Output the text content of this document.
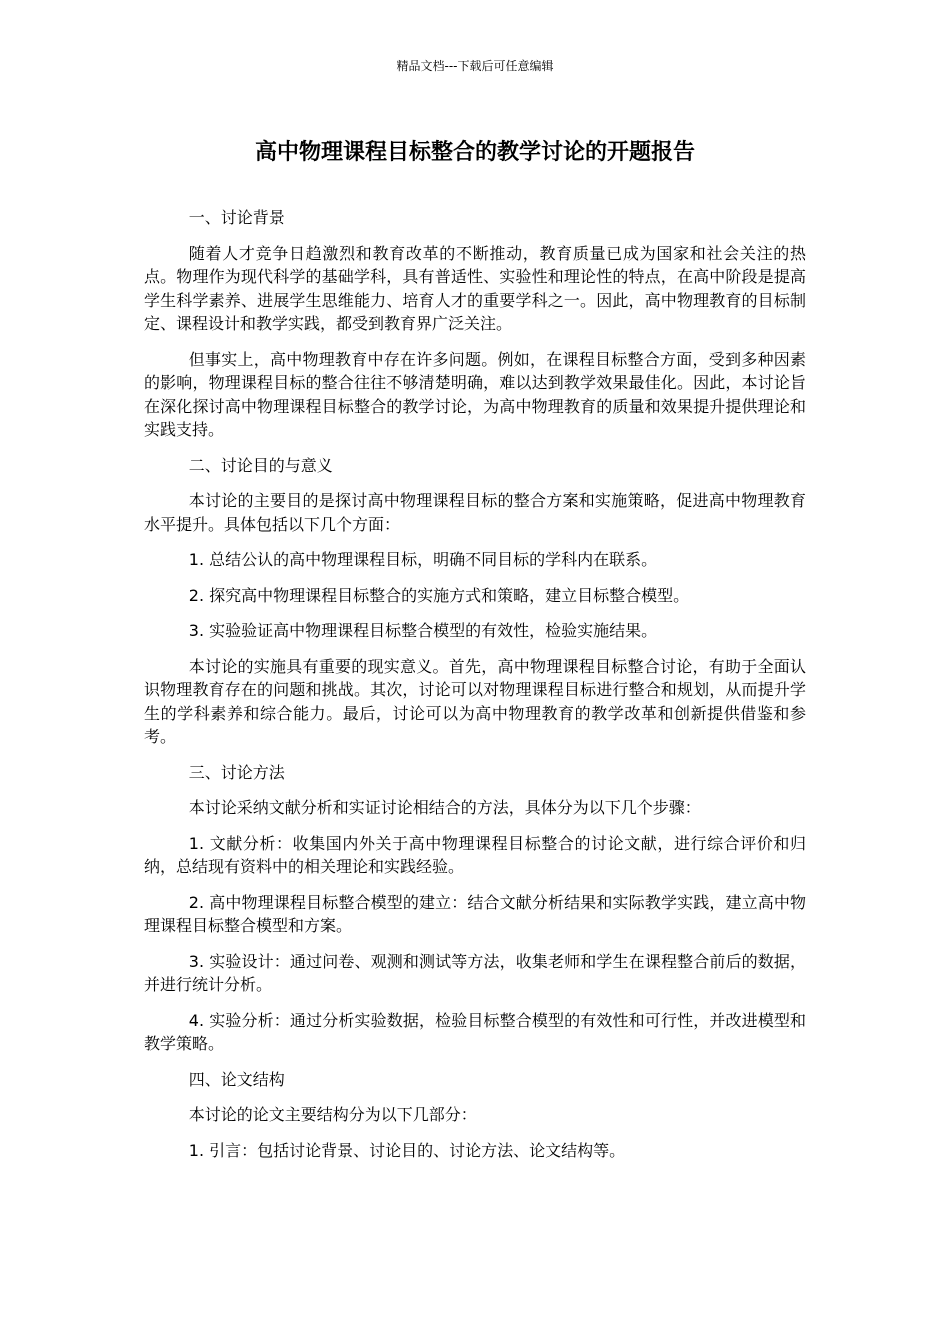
精品文档---下载后可任意编辑
高中物理课程目标整合的教学讨论的开题报告

一、讨论背景

随着人才竞争日趋激烈和教育改革的不断推动，教育质量已成为国家和社会关注的热点。物理作为现代科学的基础学科，具有普适性、实验性和理论性的特点，在高中阶段是提高学生科学素养、进展学生思维能力、培育人才的重要学科之一。因此，高中物理教育的目标制定、课程设计和教学实践，都受到教育界广泛关注。

但事实上，高中物理教育中存在许多问题。例如，在课程目标整合方面，受到多种因素的影响，物理课程目标的整合往往不够清楚明确，难以达到教学效果最佳化。因此，本讨论旨在深化探讨高中物理课程目标整合的教学讨论，为高中物理教育的质量和效果提升提供理论和实践支持。

二、讨论目的与意义

本讨论的主要目的是探讨高中物理课程目标的整合方案和实施策略，促进高中物理教育水平提升。具体包括以下几个方面：

1. 总结公认的高中物理课程目标，明确不同目标的学科内在联系。

2. 探究高中物理课程目标整合的实施方式和策略，建立目标整合模型。

3. 实验验证高中物理课程目标整合模型的有效性，检验实施结果。

本讨论的实施具有重要的现实意义。首先，高中物理课程目标整合讨论，有助于全面认识物理教育存在的问题和挑战。其次，讨论可以对物理课程目标进行整合和规划，从而提升学生的学科素养和综合能力。最后，讨论可以为高中物理教育的教学改革和创新提供借鉴和参考。

三、讨论方法

本讨论采纳文献分析和实证讨论相结合的方法，具体分为以下几个步骤：

1. 文献分析：收集国内外关于高中物理课程目标整合的讨论文献，进行综合评价和归纳，总结现有资料中的相关理论和实践经验。

2. 高中物理课程目标整合模型的建立：结合文献分析结果和实际教学实践，建立高中物理课程目标整合模型和方案。

3. 实验设计：通过问卷、观测和测试等方法，收集老师和学生在课程整合前后的数据，并进行统计分析。

4. 实验分析：通过分析实验数据，检验目标整合模型的有效性和可行性，并改进模型和教学策略。

四、论文结构

本讨论的论文主要结构分为以下几部分：

1. 引言：包括讨论背景、讨论目的、讨论方法、论文结构等。
